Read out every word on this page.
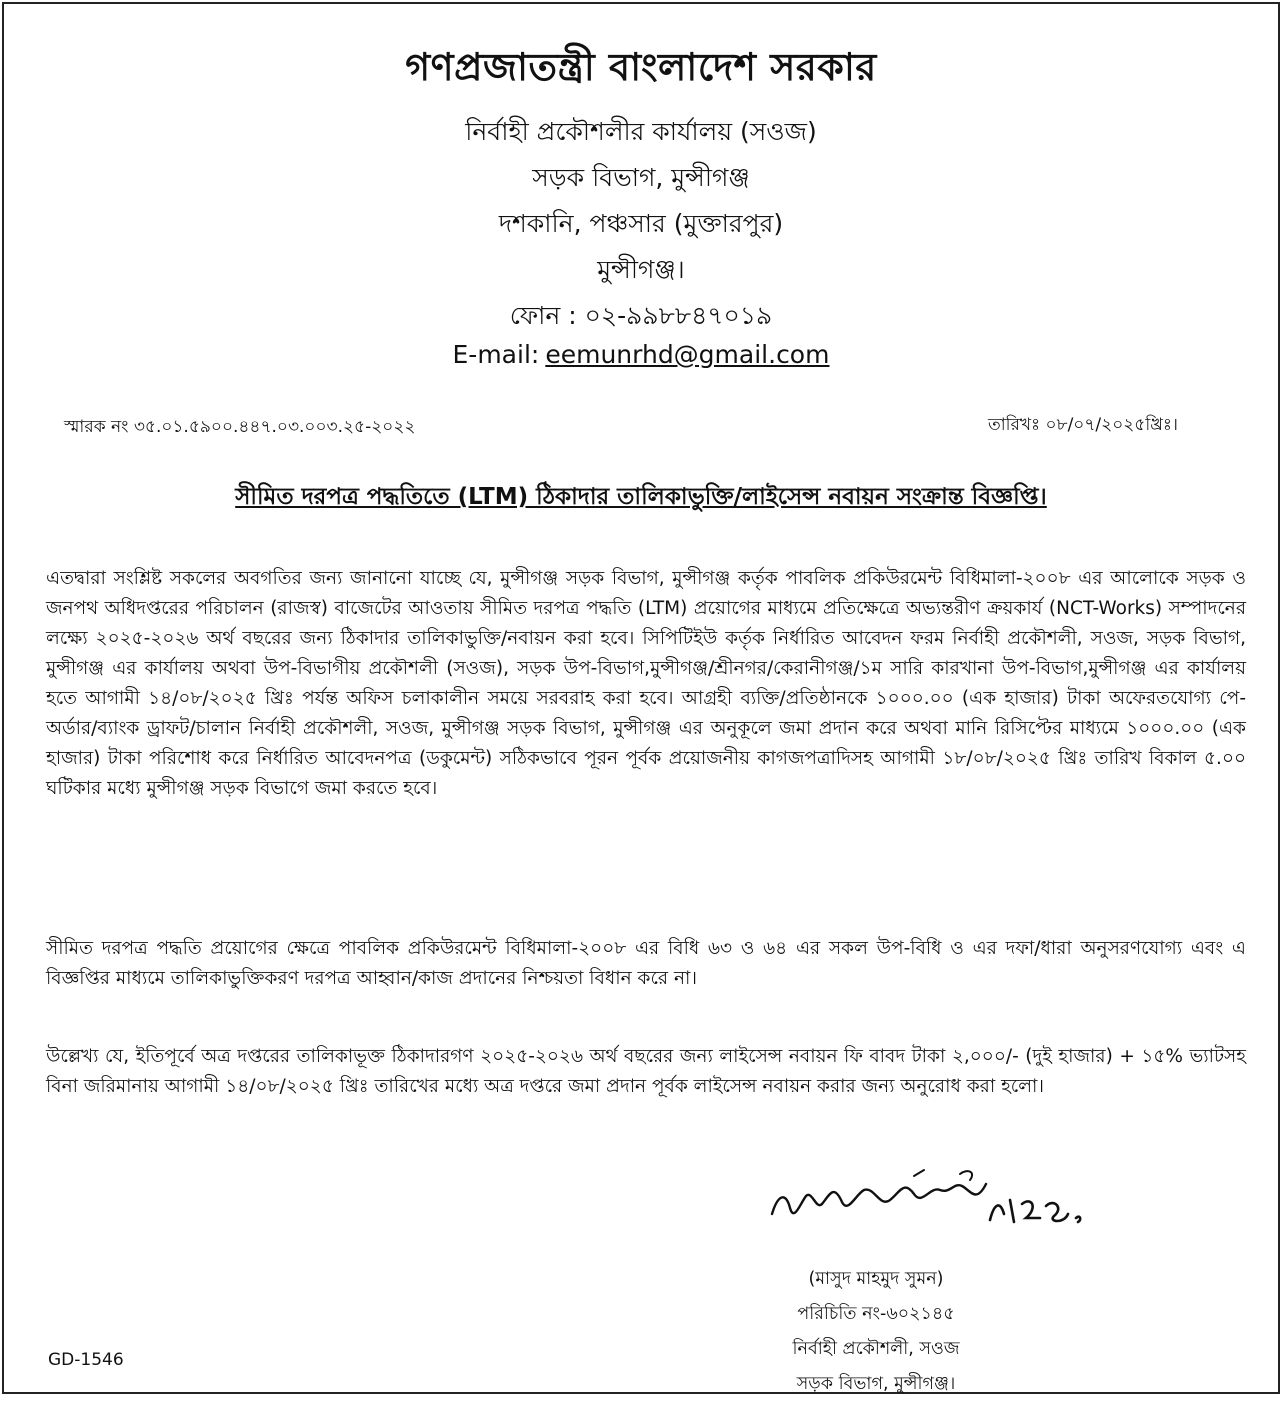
গণপ্রজাতন্ত্রী বাংলাদেশ সরকার
নির্বাহী প্রকৌশলীর কার্যালয় (সওজ)
সড়ক বিভাগ, মুন্সীগঞ্জ
দশকানি, পঞ্চসার (মুক্তারপুর)
মুন্সীগঞ্জ।
ফোন : ০২-৯৯৮৮৪৭০১৯
E-mail: eemunrhd@gmail.com
স্মারক নং ৩৫.০১.৫৯০০.৪৪৭.০৩.০০৩.২৫-২০২২	তারিখঃ ০৮/০৭/২০২৫খ্রিঃ।
সীমিত দরপত্র পদ্ধতিতে (LTM) ঠিকাদার তালিকাভুক্তি/লাইসেন্স নবায়ন সংক্রান্ত বিজ্ঞপ্তি।
এতদ্বারা সংশ্লিষ্ট সকলের অবগতির জন্য জানানো যাচ্ছে যে, মুন্সীগঞ্জ সড়ক বিভাগ, মুন্সীগঞ্জ কর্তৃক পাবলিক প্রকিউরমেন্ট বিধিমালা-২০০৮ এর আলোকে সড়ক ও জনপথ অধিদপ্তরের পরিচালন (রাজস্ব) বাজেটের আওতায় সীমিত দরপত্র পদ্ধতি (LTM) প্রয়োগের মাধ্যমে প্রতিক্ষেত্রে অভ্যন্তরীণ ক্রয়কার্য (NCT-Works) সম্পাদনের লক্ষ্যে ২০২৫-২০২৬ অর্থ বছরের জন্য ঠিকাদার তালিকাভুক্তি/নবায়ন করা হবে। সিপিটিইউ কর্তৃক নির্ধারিত আবেদন ফরম নির্বাহী প্রকৌশলী, সওজ, সড়ক বিভাগ, মুন্সীগঞ্জ এর কার্যালয় অথবা উপ-বিভাগীয় প্রকৌশলী (সওজ), সড়ক উপ-বিভাগ,মুন্সীগঞ্জ/শ্রীনগর/কেরানীগঞ্জ/১ম সারি কারখানা উপ-বিভাগ,মুন্সীগঞ্জ এর কার্যালয় হতে আগামী ১৪/০৮/২০২৫ খ্রিঃ পর্যন্ত অফিস চলাকালীন সময়ে সরবরাহ করা হবে। আগ্রহী ব্যক্তি/প্রতিষ্ঠানকে ১০০০.০০ (এক হাজার) টাকা অফেরতযোগ্য পে-অর্ডার/ব্যাংক ড্রাফট/চালান নির্বাহী প্রকৌশলী, সওজ, মুন্সীগঞ্জ সড়ক বিভাগ, মুন্সীগঞ্জ এর অনুকূলে জমা প্রদান করে অথবা মানি রিসিপ্টের মাধ্যমে ১০০০.০০ (এক হাজার) টাকা পরিশোধ করে নির্ধারিত আবেদনপত্র (ডকুমেন্ট) সঠিকভাবে পূরন পূর্বক প্রয়োজনীয় কাগজপত্রাদিসহ আগামী ১৮/০৮/২০২৫ খ্রিঃ তারিখ বিকাল ৫.০০ ঘটিকার মধ্যে মুন্সীগঞ্জ সড়ক বিভাগে জমা করতে হবে।
সীমিত দরপত্র পদ্ধতি প্রয়োগের ক্ষেত্রে পাবলিক প্রকিউরমেন্ট বিধিমালা-২০০৮ এর বিধি ৬৩ ও ৬৪ এর সকল উপ-বিধি ও এর দফা/ধারা অনুসরণযোগ্য এবং এ বিজ্ঞপ্তির মাধ্যমে তালিকাভুক্তিকরণ দরপত্র আহ্বান/কাজ প্রদানের নিশ্চয়তা বিধান করে না।
উল্লেখ্য যে, ইতিপূর্বে অত্র দপ্তরের তালিকাভূক্ত ঠিকাদারগণ ২০২৫-২০২৬ অর্থ বছরের জন্য লাইসেন্স নবায়ন ফি বাবদ টাকা ২,০০০/- (দুই হাজার) + ১৫% ভ্যাটসহ বিনা জরিমানায় আগামী ১৪/০৮/২০২৫ খ্রিঃ তারিখের মধ্যে অত্র দপ্তরে জমা প্রদান পূর্বক লাইসেন্স নবায়ন করার জন্য অনুরোধ করা হলো।
(মাসুদ মাহমুদ সুমন)
পরিচিতি নং-৬০২১৪৫
নির্বাহী প্রকৌশলী, সওজ
সড়ক বিভাগ, মুন্সীগঞ্জ।
GD-1546
